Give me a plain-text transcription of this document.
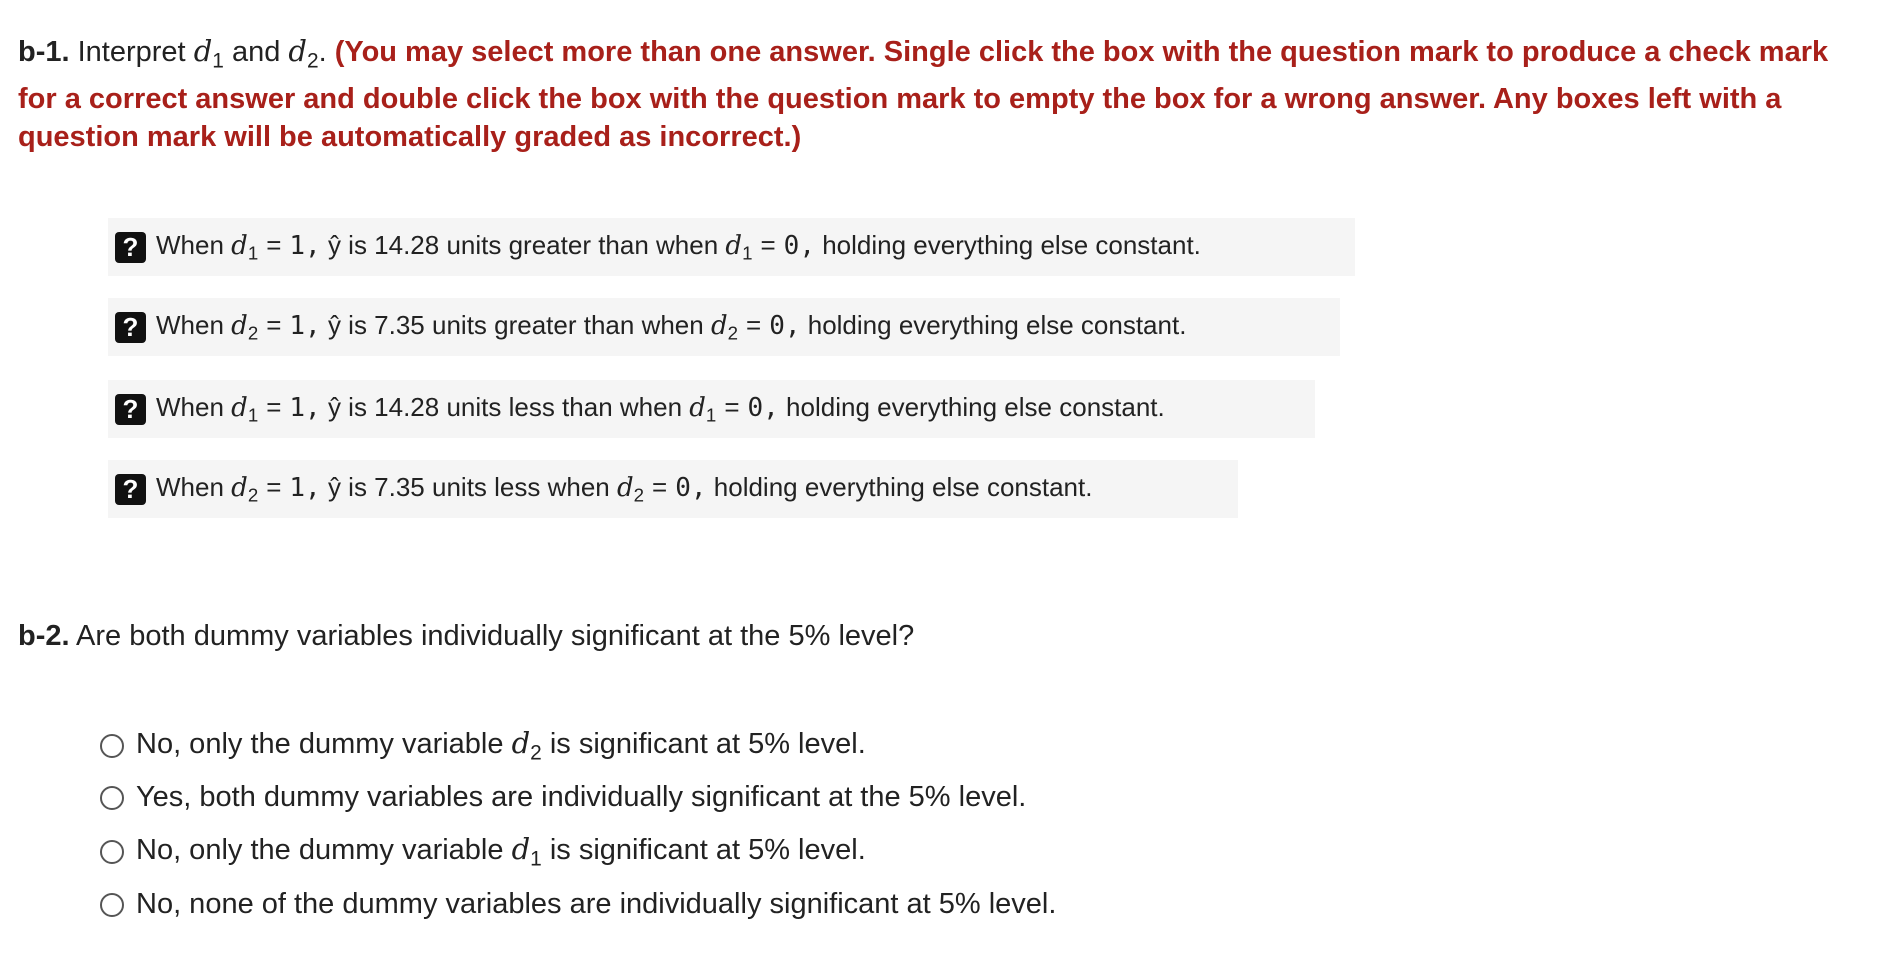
b-1. Interpret $d_1$ and $d_2$. (You may select more than one answer. Single click the box with the question mark to produce a check mark for a correct answer and double click the box with the question mark to empty the box for a wrong answer. Any boxes left with a question mark will be automatically graded as incorrect.)
? When $d_1 = 1$, ŷ is 14.28 units greater than when $d_1 = 0$, holding everything else constant.
? When $d_2 = 1$, ŷ is 7.35 units greater than when $d_2 = 0$, holding everything else constant.
? When $d_1 = 1$, ŷ is 14.28 units less than when $d_1 = 0$, holding everything else constant.
? When $d_2 = 1$, ŷ is 7.35 units less when $d_2 = 0$, holding everything else constant.
b-2. Are both dummy variables individually significant at the 5% level?
No, only the dummy variable $d_2$ is significant at 5% level.
Yes, both dummy variables are individually significant at the 5% level.
No, only the dummy variable $d_1$ is significant at 5% level.
No, none of the dummy variables are individually significant at 5% level.
